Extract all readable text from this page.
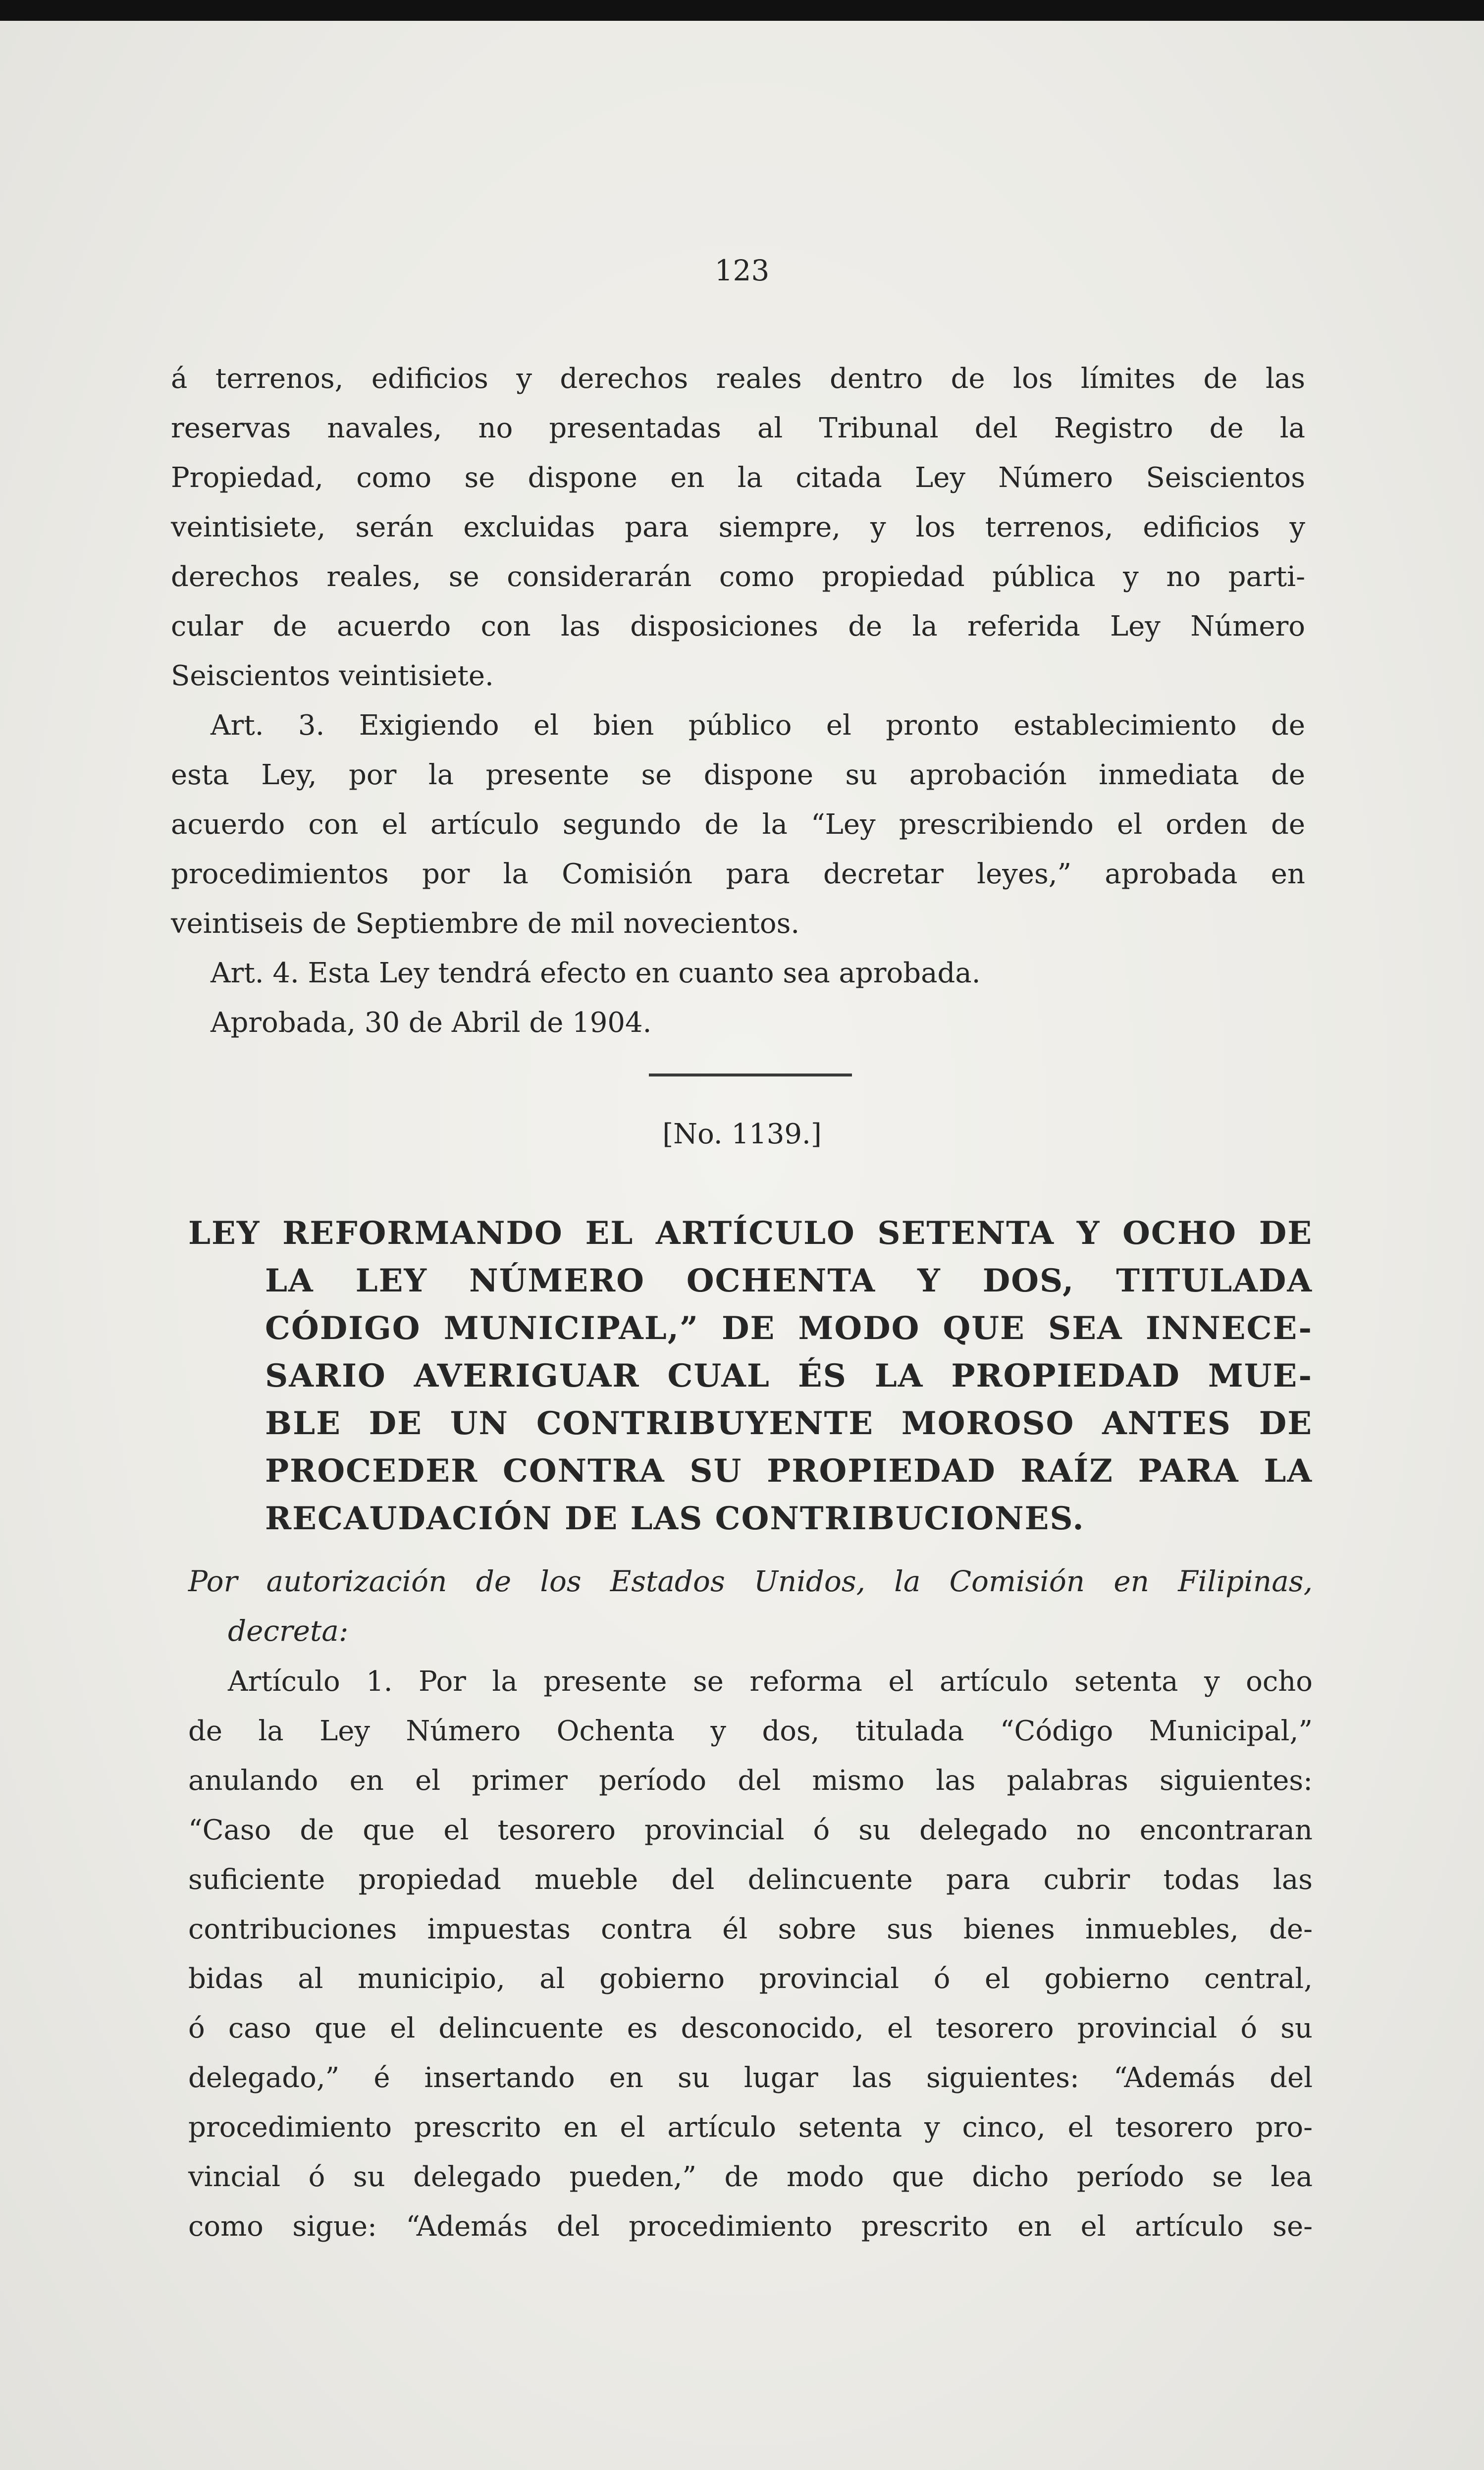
123
á terrenos, edificios y derechos reales dentro de los límites de las
reservas navales, no presentadas al Tribunal del Registro de la
Propiedad, como se dispone en la citada Ley Número Seiscientos
veintisiete, serán excluidas para siempre, y los terrenos, edificios y
derechos reales, se considerarán como propiedad pública y no parti-
cular de acuerdo con las disposiciones de la referida Ley Número
Seiscientos veintisiete.
Art. 3. Exigiendo el bien público el pronto establecimiento de
esta Ley, por la presente se dispone su aprobación inmediata de
acuerdo con el artículo segundo de la “Ley prescribiendo el orden de
procedimientos por la Comisión para decretar leyes,” aprobada en
veintiseis de Septiembre de mil novecientos.
Art. 4. Esta Ley tendrá efecto en cuanto sea aprobada.
Aprobada, 30 de Abril de 1904.
[No. 1139.]
LEY REFORMANDO EL ARTÍCULO SETENTA Y OCHO DE
LA LEY NÚMERO OCHENTA Y DOS, TITULADA
CÓDIGO MUNICIPAL,” DE MODO QUE SEA INNECE-
SARIO AVERIGUAR CUAL ÉS LA PROPIEDAD MUE-
BLE DE UN CONTRIBUYENTE MOROSO ANTES DE
PROCEDER CONTRA SU PROPIEDAD RAÍZ PARA LA
RECAUDACIÓN DE LAS CONTRIBUCIONES.
Por autorización de los Estados Unidos, la Comisión en Filipinas,
decreta:
Artículo 1. Por la presente se reforma el artículo setenta y ocho
de la Ley Número Ochenta y dos, titulada “Código Municipal,”
anulando en el primer período del mismo las palabras siguientes:
“Caso de que el tesorero provincial ó su delegado no encontraran
suficiente propiedad mueble del delincuente para cubrir todas las
contribuciones impuestas contra él sobre sus bienes inmuebles, de-
bidas al municipio, al gobierno provincial ó el gobierno central,
ó caso que el delincuente es desconocido, el tesorero provincial ó su
delegado,” é insertando en su lugar las siguientes: “Además del
procedimiento prescrito en el artículo setenta y cinco, el tesorero pro-
vincial ó su delegado pueden,” de modo que dicho período se lea
como sigue: “Además del procedimiento prescrito en el artículo se-
